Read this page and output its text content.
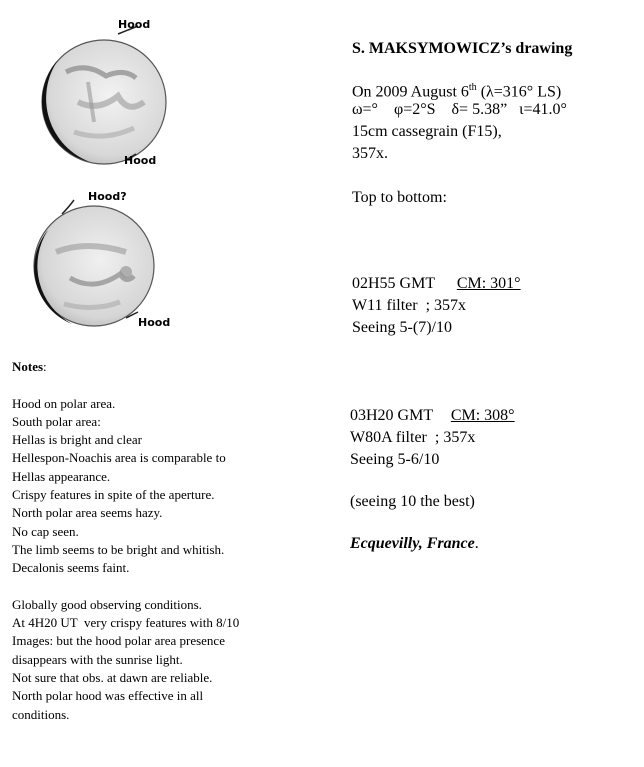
Hood
Hood
Hood?
Hood
S. MAKSYMOWICZ’s drawing
On 2009 August 6th (λ=316° LS)
ω=°    φ=2°S    δ= 5.38”   ι=41.0°
15cm cassegrain (F15),
357x.
Top to bottom:
02H55 GMT CM: 301°
W11 filter  ; 357x
Seeing 5-(7)/10
03H20 GMT CM: 308°
W80A filter  ; 357x
Seeing 5-6/10
(seeing 10 the best)
Ecquevilly, France.
Notes:
Hood on polar area.
South polar area:
Hellas is bright and clear
Hellespon-Noachis area is comparable to
Hellas appearance.
Crispy features in spite of the aperture.
North polar area seems hazy.
No cap seen.
The limb seems to be bright and whitish.
Decalonis seems faint.
Globally good observing conditions.
At 4H20 UT  very crispy features with 8/10
Images: but the hood polar area presence
disappears with the sunrise light.
Not sure that obs. at dawn are reliable.
North polar hood was effective in all
conditions.
